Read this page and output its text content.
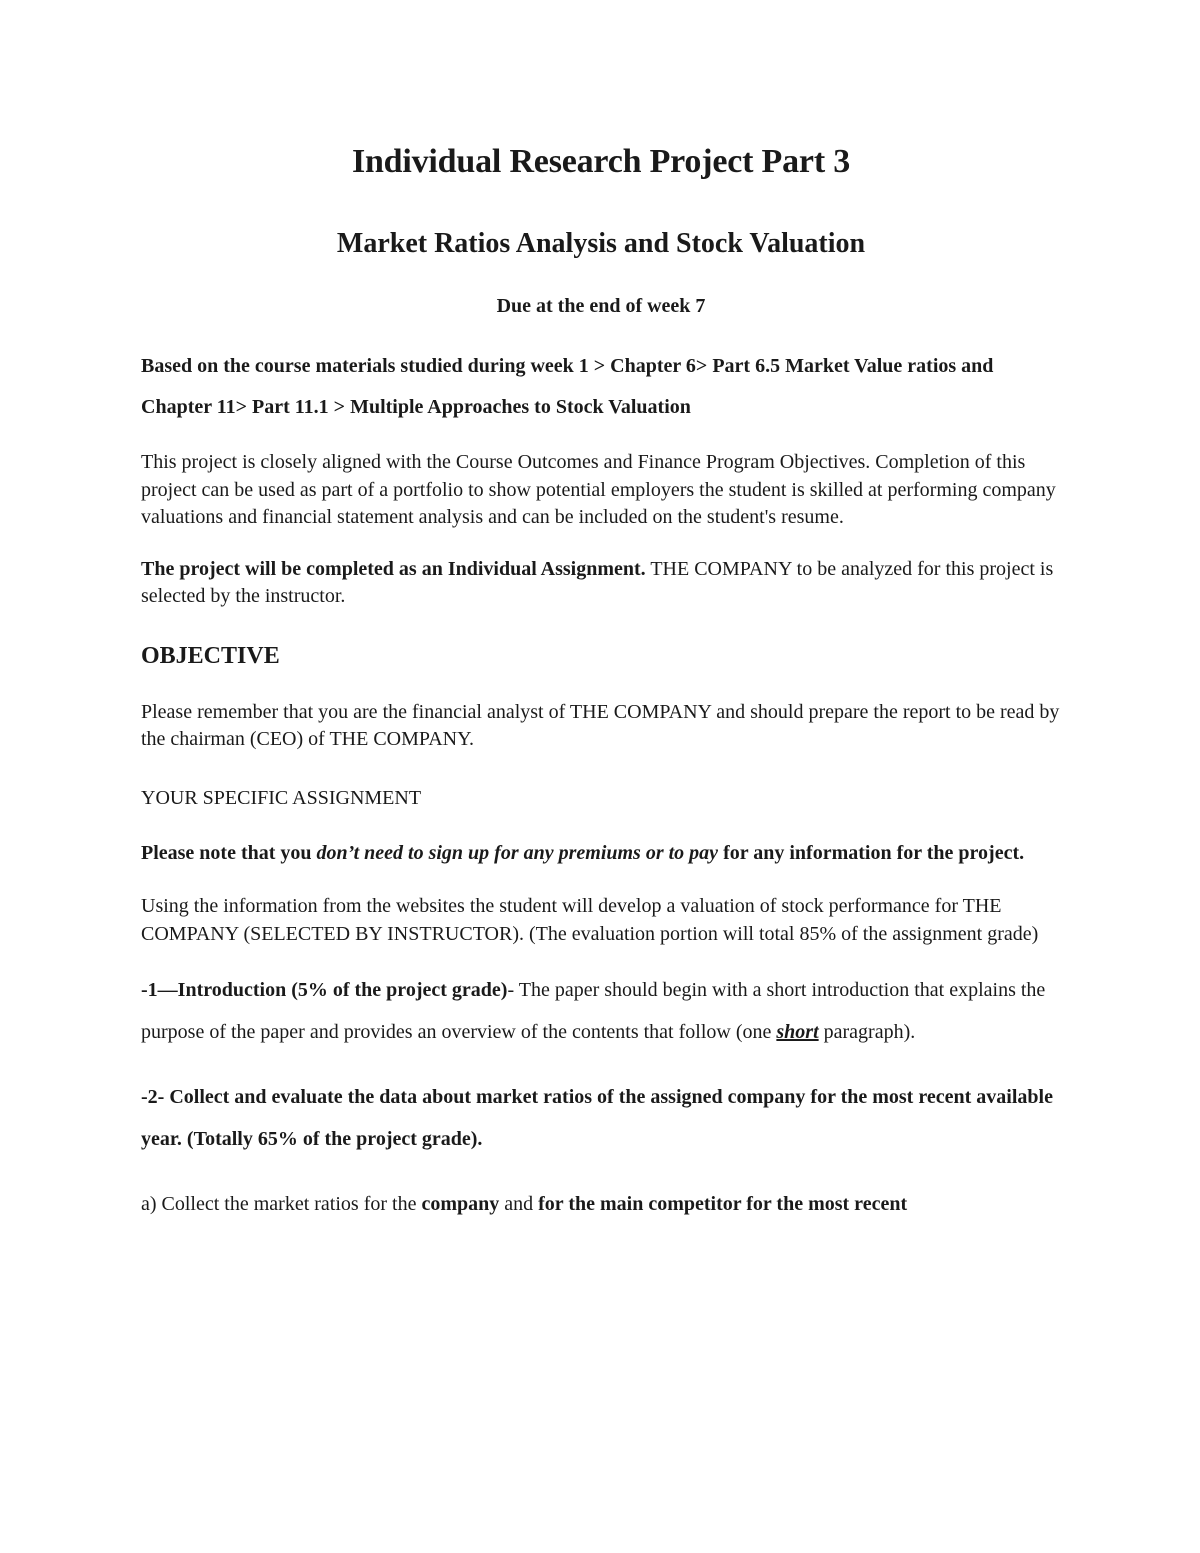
Individual Research Project Part 3
Market Ratios Analysis and Stock Valuation

Due at the end of week 7

Based on the course materials studied during week 1 > Chapter 6> Part 6.5 Market Value ratios and Chapter 11> Part 11.1 > Multiple Approaches to Stock Valuation

This project is closely aligned with the Course Outcomes and Finance Program Objectives. Completion of this project can be used as part of a portfolio to show potential employers the student is skilled at performing company valuations and financial statement analysis and can be included on the student's resume.

The project will be completed as an Individual Assignment. THE COMPANY to be analyzed for this project is selected by the instructor.

OBJECTIVE

Please remember that you are the financial analyst of THE COMPANY and should prepare the report to be read by the chairman (CEO) of THE COMPANY.

YOUR SPECIFIC ASSIGNMENT

Please note that you don’t need to sign up for any premiums or to pay for any information for the project.

Using the information from the websites the student will develop a valuation of stock performance for THE COMPANY (SELECTED BY INSTRUCTOR). (The evaluation portion will total 85% of the assignment grade)

-1—Introduction (5% of the project grade)- The paper should begin with a short introduction that explains the purpose of the paper and provides an overview of the contents that follow (one short paragraph).

-2- Collect and evaluate the data about market ratios of the assigned company for the most recent available year. (Totally 65% of the project grade).

a) Collect the market ratios for the company and for the main competitor for the most recent
